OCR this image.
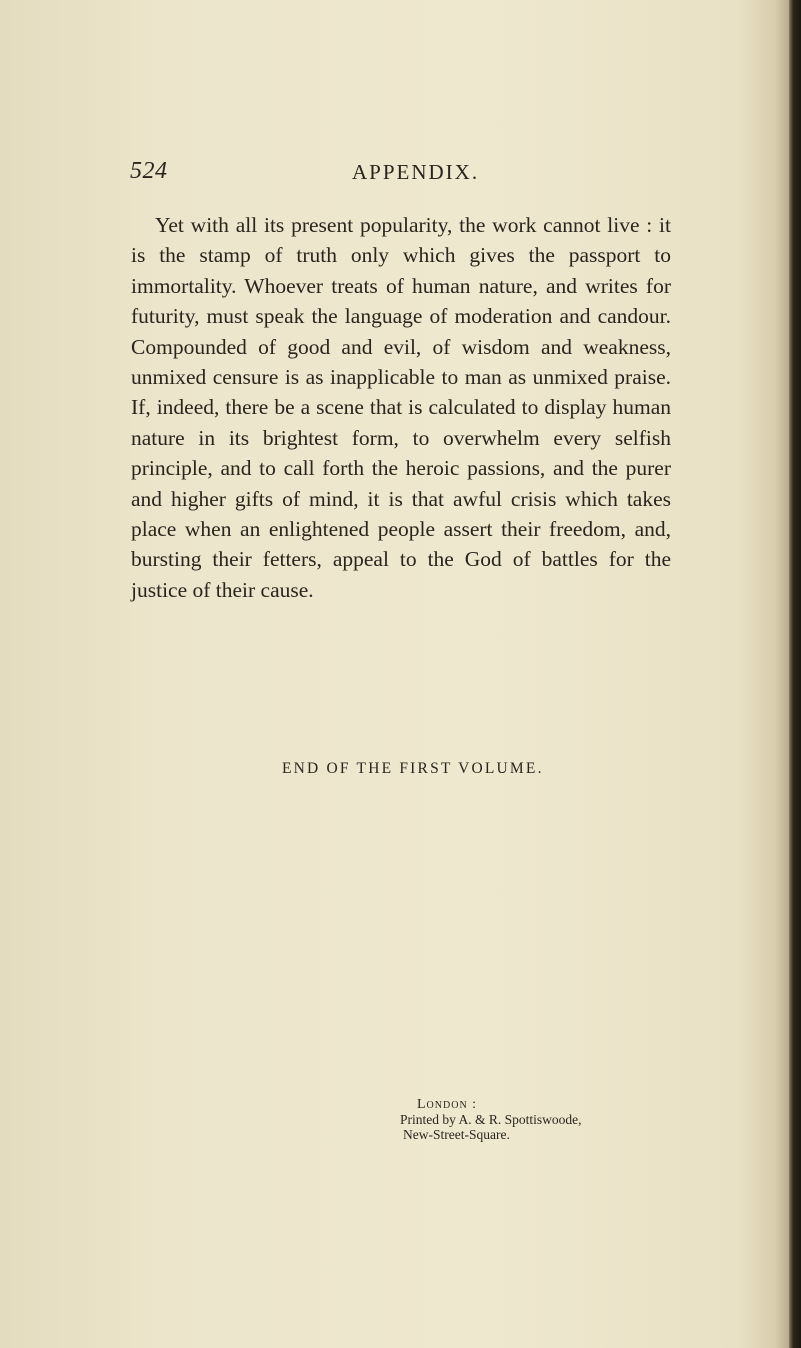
524	APPENDIX.

Yet with all its present popularity, the work cannot live : it is the stamp of truth only which gives the passport to immortality. Whoever treats of human nature, and writes for futurity, must speak the language of moderation and candour. Compounded of good and evil, of wisdom and weakness, unmixed censure is as inapplicable to man as unmixed praise. If, indeed, there be a scene that is calculated to display human nature in its brightest form, to overwhelm every selfish principle, and to call forth the heroic passions, and the purer and higher gifts of mind, it is that awful crisis which takes place when an enlightened people assert their freedom, and, bursting their fetters, appeal to the God of battles for the justice of their cause.

END OF THE FIRST VOLUME.
London :
Printed by A. & R. Spottiswoode,
New-Street-Square.
